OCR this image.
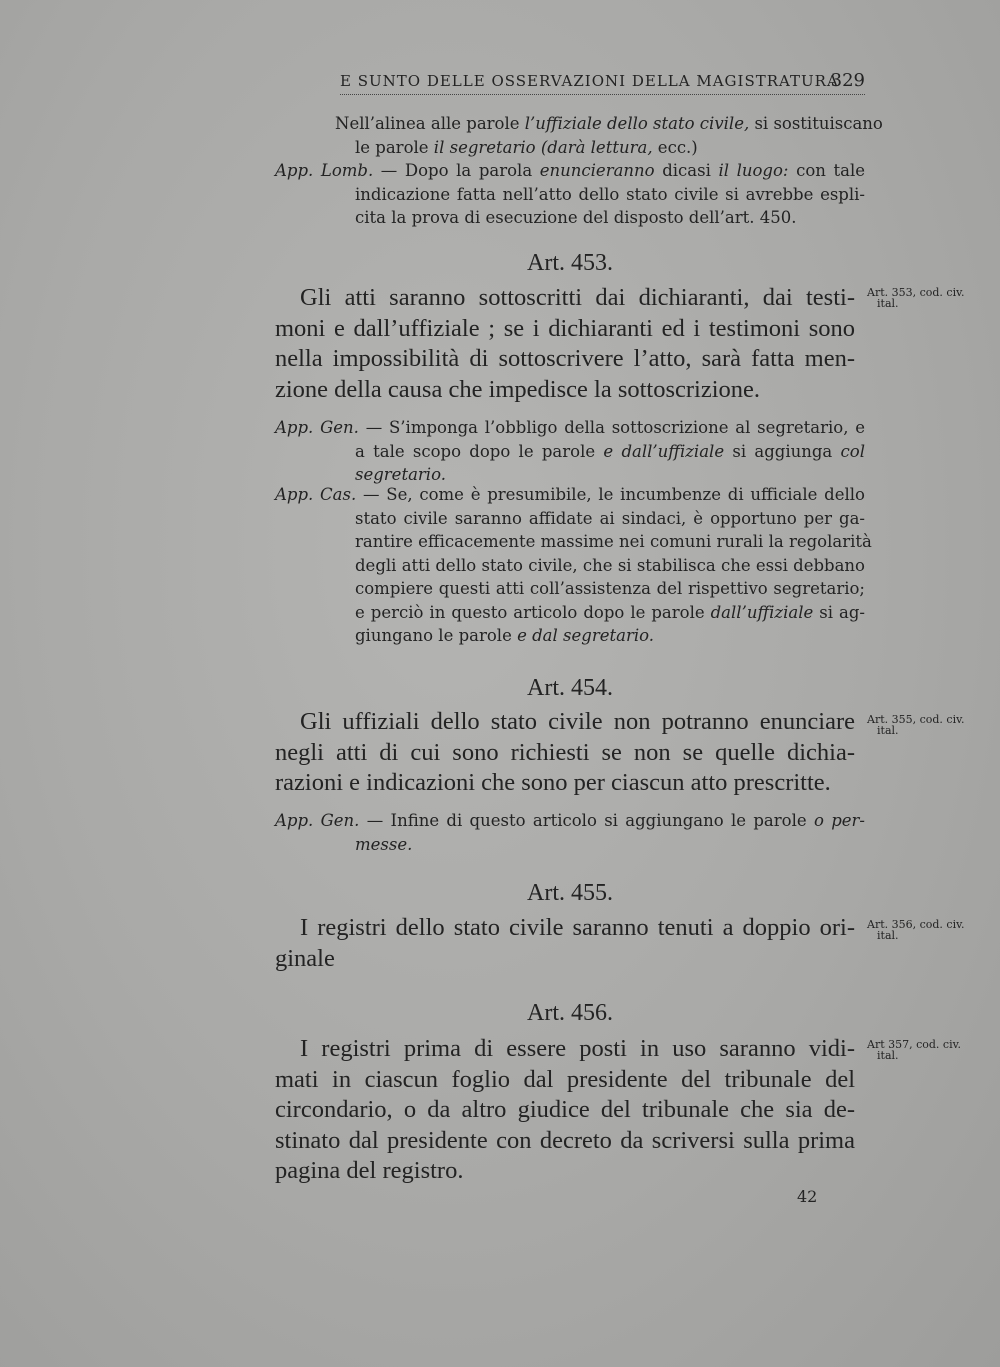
E SUNTO DELLE OSSERVAZIONI DELLA MAGISTRATURA
329
Nell’alinea alle parole l’uffiziale dello stato civile, si sostituiscano
le parole il segretario (darà lettura, ecc.)
App. Lomb. — Dopo la parola enuncieranno dicasi il luogo: con tale
indicazione fatta nell’atto dello stato civile si avrebbe espli-
cita la prova di esecuzione del disposto dell’art. 450.
Art. 453.
Art. 353, cod. civ.
ital.
Gli atti saranno sottoscritti dai dichiaranti, dai testi-
moni e dall’uffiziale ; se i dichiaranti ed i testimoni sono
nella impossibilità di sottoscrivere l’atto, sarà fatta men-
zione della causa che impedisce la sottoscrizione.
App. Gen. — S’imponga l’obbligo della sottoscrizione al segretario, e
a tale scopo dopo le parole e dall’uffiziale si aggiunga col
segretario.
App. Cas. — Se, come è presumibile, le incumbenze di ufficiale dello
stato civile saranno affidate ai sindaci, è opportuno per ga-
rantire efficacemente massime nei comuni rurali la regolarità
degli atti dello stato civile, che si stabilisca che essi debbano
compiere questi atti coll’assistenza del rispettivo segretario;
e perciò in questo articolo dopo le parole dall’uffiziale si ag-
giungano le parole e dal segretario.
Art. 454.
Art. 355, cod. civ.
ital.
Gli uffiziali dello stato civile non potranno enunciare
negli atti di cui sono richiesti se non se quelle dichia-
razioni e indicazioni che sono per ciascun atto prescritte.
App. Gen. — Infine di questo articolo si aggiungano le parole o per-
messe.
Art. 455.
Art. 356, cod. civ.
ital.
I registri dello stato civile saranno tenuti a doppio ori-
ginale
Art. 456.
Art 357, cod. civ.
ital.
I registri prima di essere posti in uso saranno vidi-
mati in ciascun foglio dal presidente del tribunale del
circondario, o da altro giudice del tribunale che sia de-
stinato dal presidente con decreto da scriversi sulla prima
pagina del registro.
42
